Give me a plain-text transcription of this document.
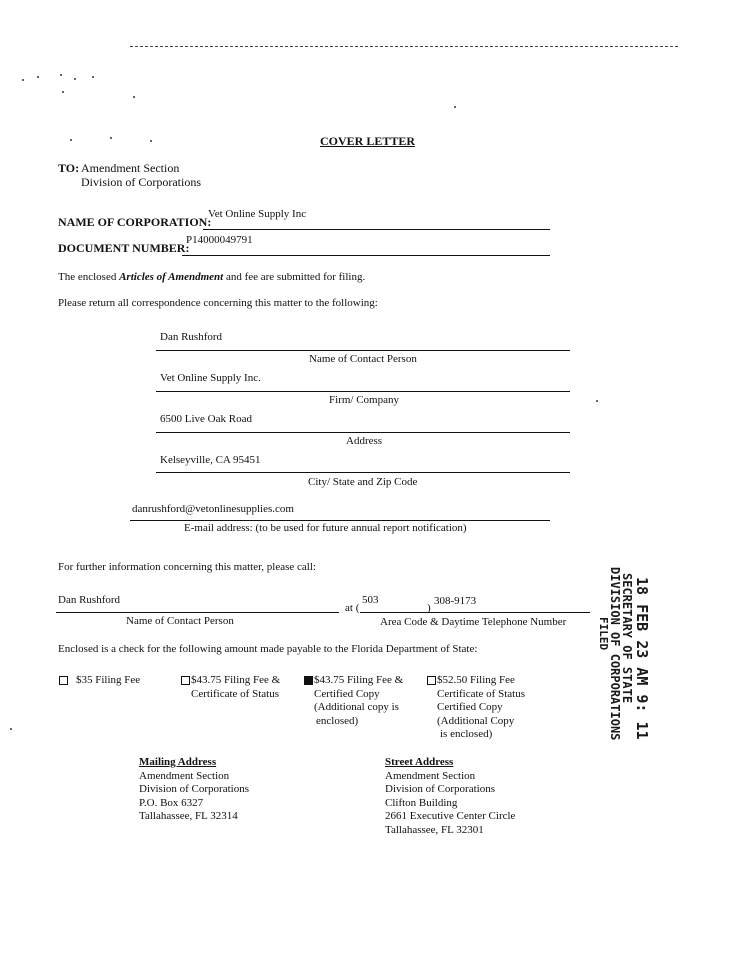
COVER LETTER
TO: Amendment Section
Division of Corporations
NAME OF CORPORATION:
Vet Online Supply Inc
DOCUMENT NUMBER:
P14000049791
The enclosed Articles of Amendment and fee are submitted for filing.
Please return all correspondence concerning this matter to the following:
Dan Rushford
Name of Contact Person
Vet Online Supply Inc.
Firm/ Company
6500 Live Oak Road
Address
Kelseyville, CA 95451
City/ State and Zip Code
danrushford@vetonlinesupplies.com
E-mail address: (to be used for future annual report notification)
For further information concerning this matter, please call:
Dan Rushford
at (
503
)
308-9173
Name of Contact Person	Area Code & Daytime Telephone Number
Enclosed is a check for the following amount made payable to the Florida Department of State:
$35 Filing Fee	$43.75 Filing Fee &
Certificate of Status
$43.75 Filing Fee &
Certified Copy
(Additional copy is
enclosed)
$52.50 Filing Fee
Certificate of Status
Certified Copy
(Additional Copy
is enclosed)
Mailing Address
Amendment Section
Division of Corporations
P.O. Box 6327
Tallahassee, FL 32314
Street Address
Amendment Section
Division of Corporations
Clifton Building
2661 Executive Center Circle
Tallahassee, FL 32301
18 FEB 23 AM 9: 11
SECRETARY OF STATE
DIVISION OF CORPORATIONS
FILED
